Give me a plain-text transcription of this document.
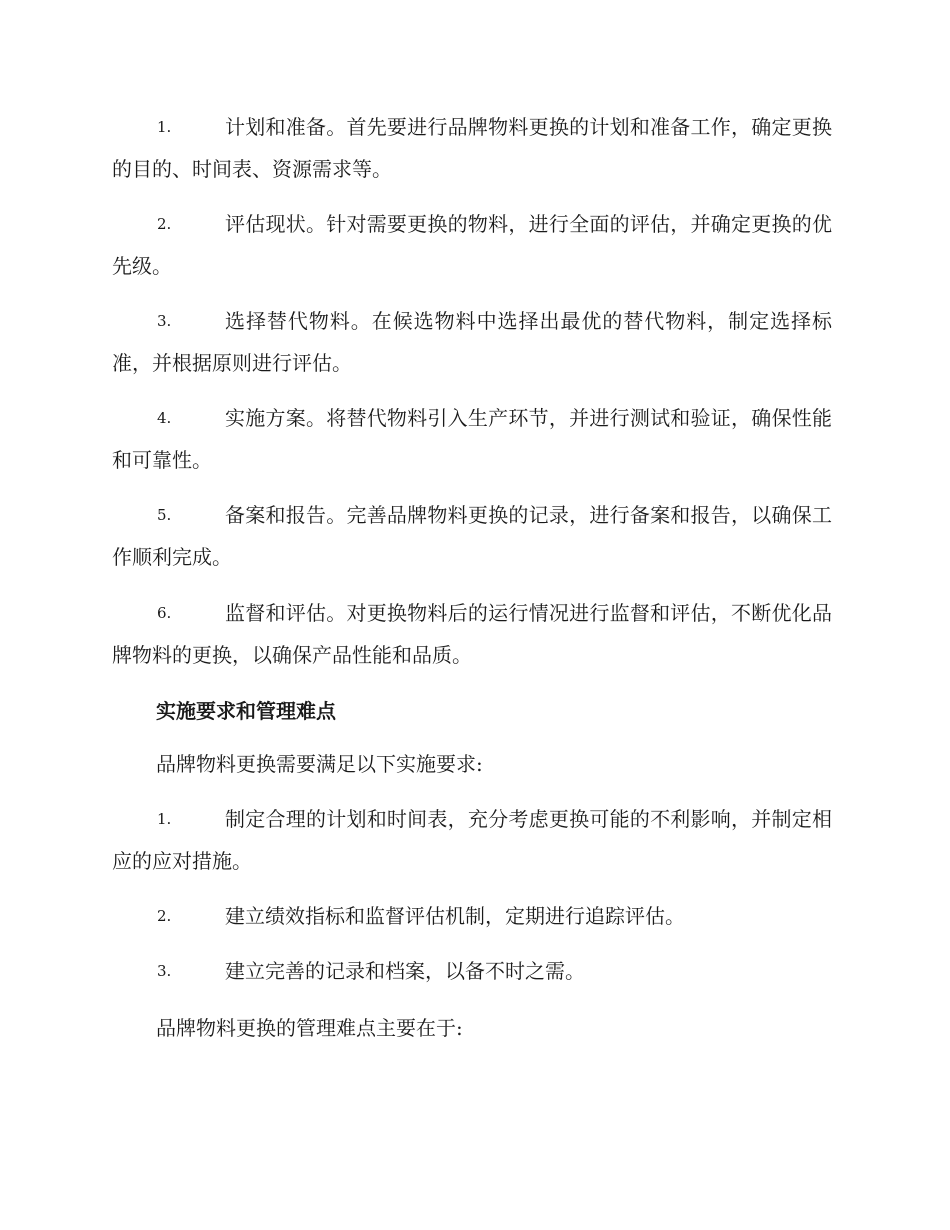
1.	计划和准备。首先要进行品牌物料更换的计划和准备工作，确定更换的目的、时间表、资源需求等。
2.	评估现状。针对需要更换的物料，进行全面的评估，并确定更换的优先级。
3.	选择替代物料。在候选物料中选择出最优的替代物料，制定选择标准，并根据原则进行评估。
4.	实施方案。将替代物料引入生产环节，并进行测试和验证，确保性能和可靠性。
5.	备案和报告。完善品牌物料更换的记录，进行备案和报告，以确保工作顺利完成。
6.	监督和评估。对更换物料后的运行情况进行监督和评估，不断优化品牌物料的更换，以确保产品性能和品质。
实施要求和管理难点
品牌物料更换需要满足以下实施要求:
1.	制定合理的计划和时间表，充分考虑更换可能的不利影响，并制定相应的应对措施。
2.	建立绩效指标和监督评估机制，定期进行追踪评估。
3.	建立完善的记录和档案，以备不时之需。
品牌物料更换的管理难点主要在于:
